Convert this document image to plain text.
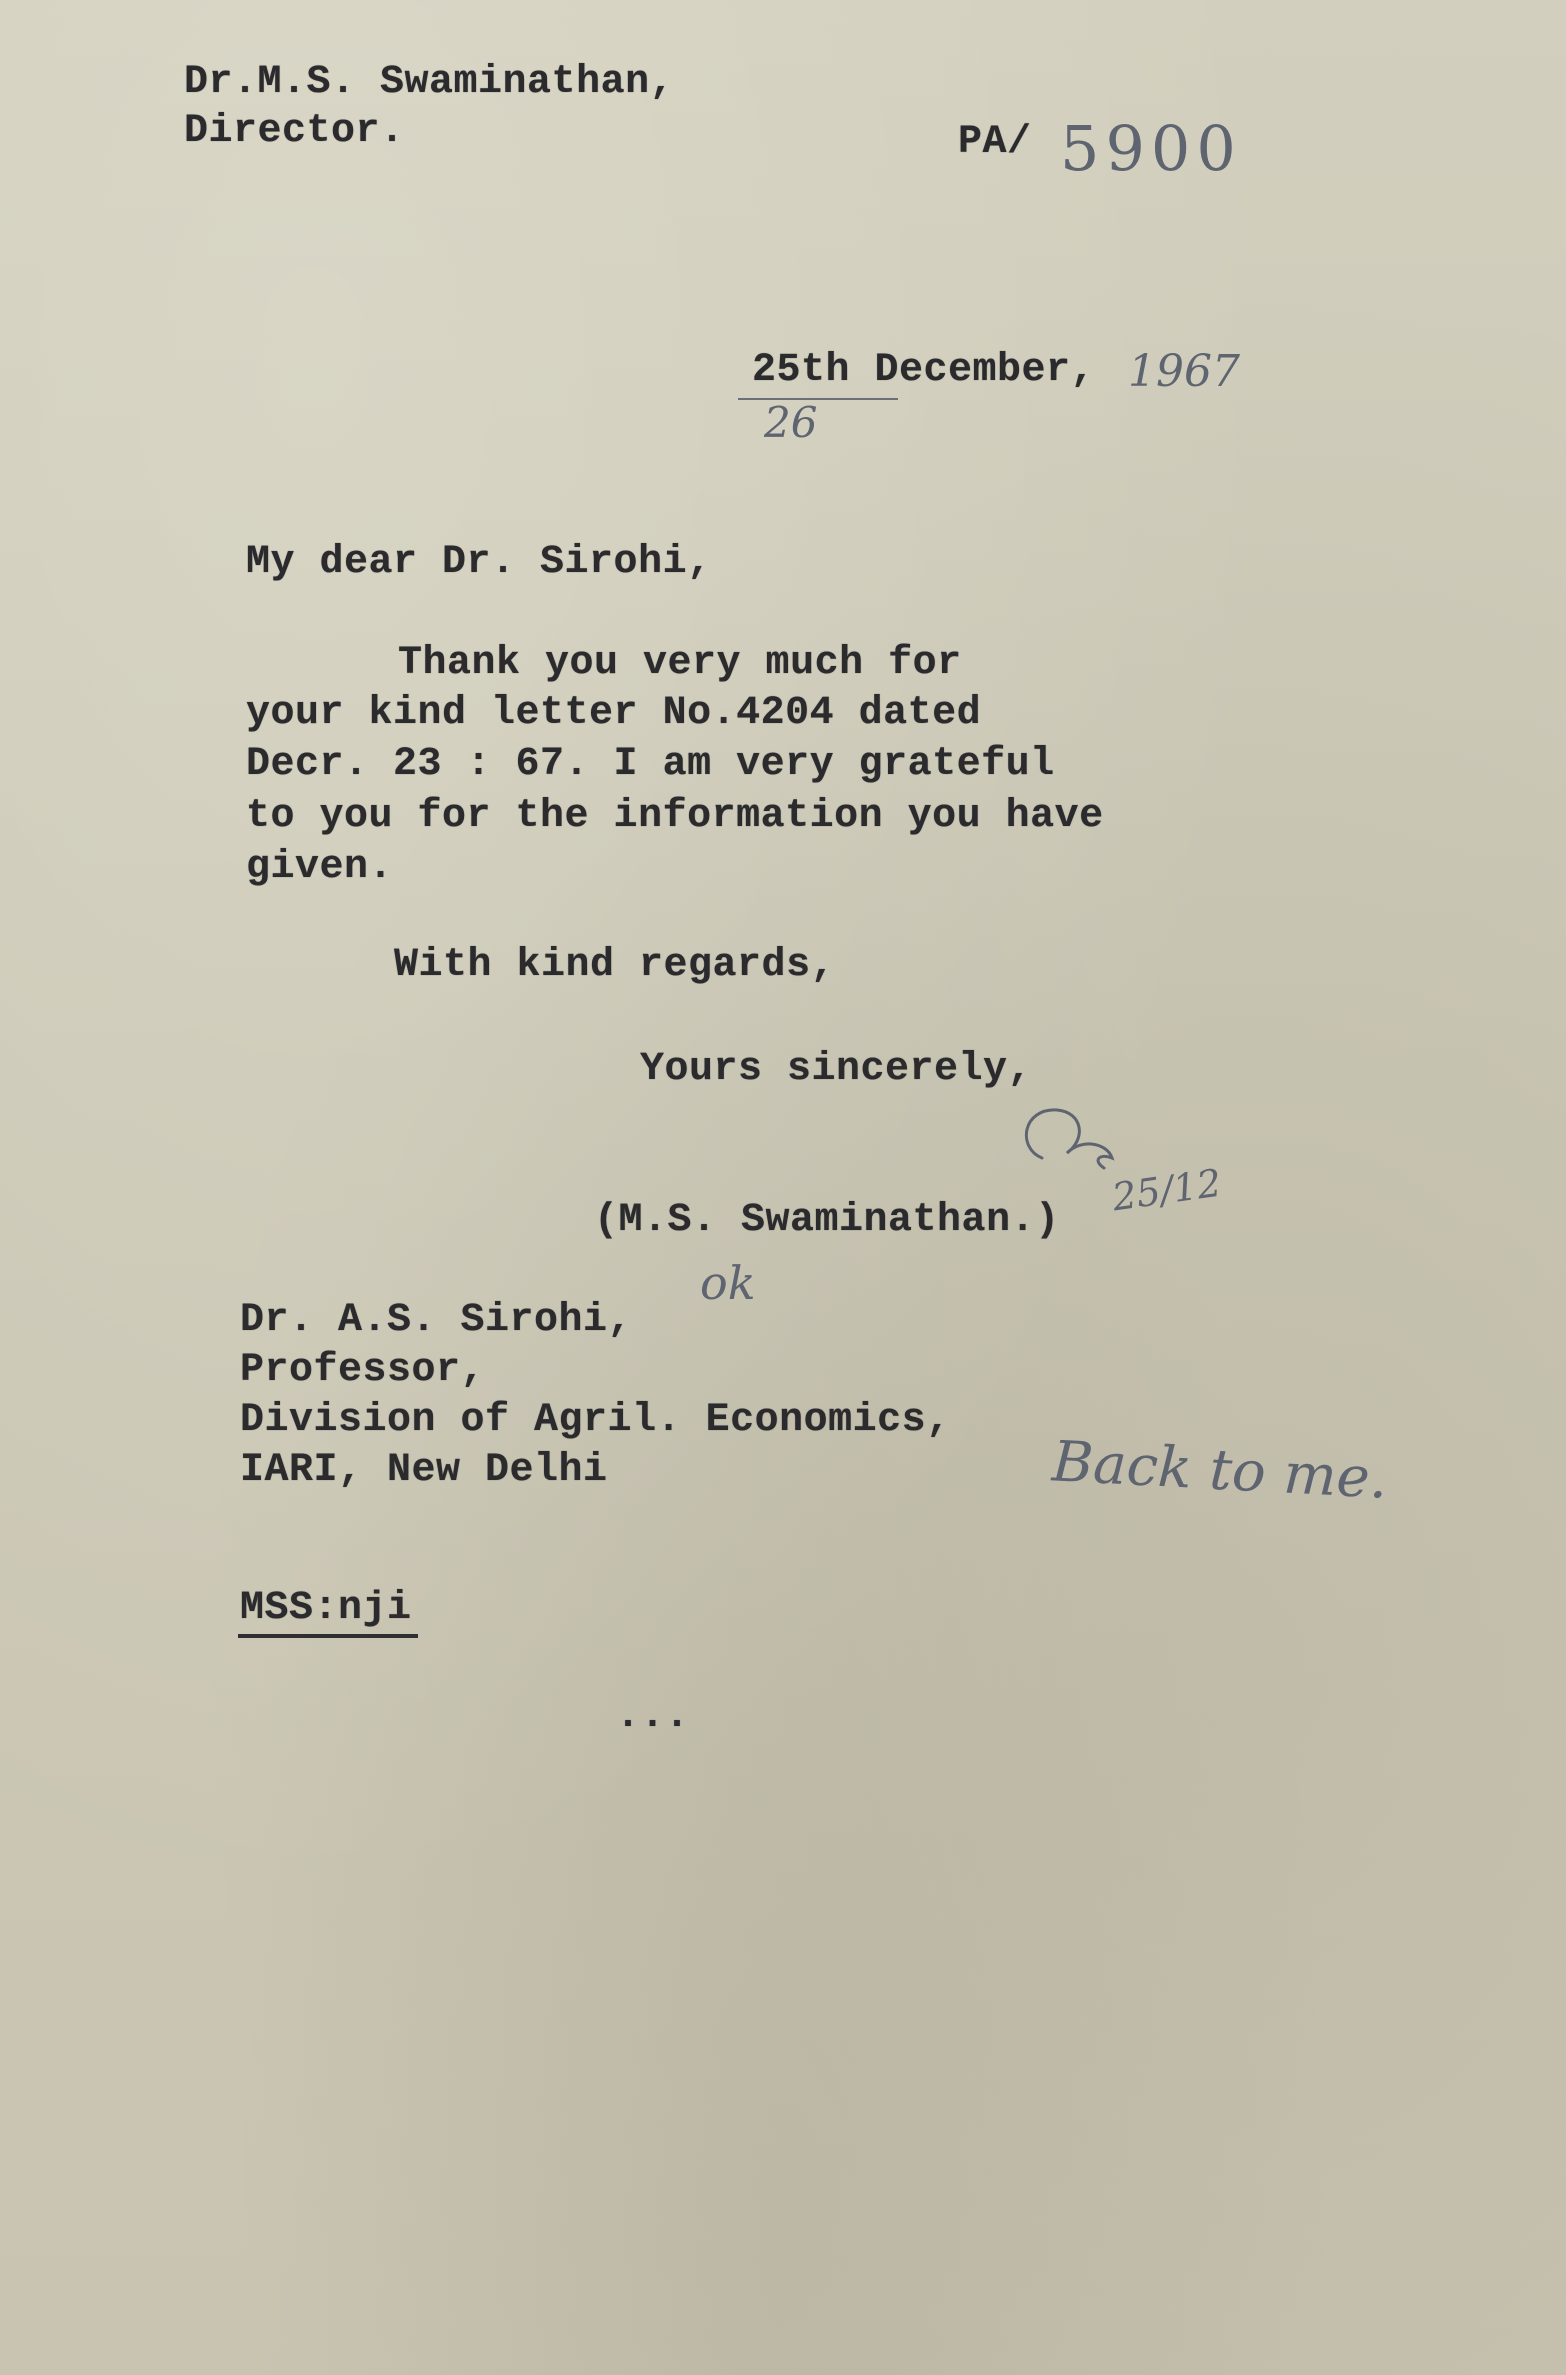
Dr.M.S. Swaminathan,
Director.	PA/ 5900
25th December, 1967
26
My dear Dr. Sirohi,
Thank you very much for
your kind letter No.4204 dated
Decr. 23 : 67. I am very grateful
to you for the information you have
given.
With kind regards,
Yours sincerely,
25/12
(M.S. Swaminathan.)
Dr. A.S. Sirohi,
ok
Professor,
Division of Agril. Economics,
IARI, New Delhi	Back to me.
MSS:nji
...
